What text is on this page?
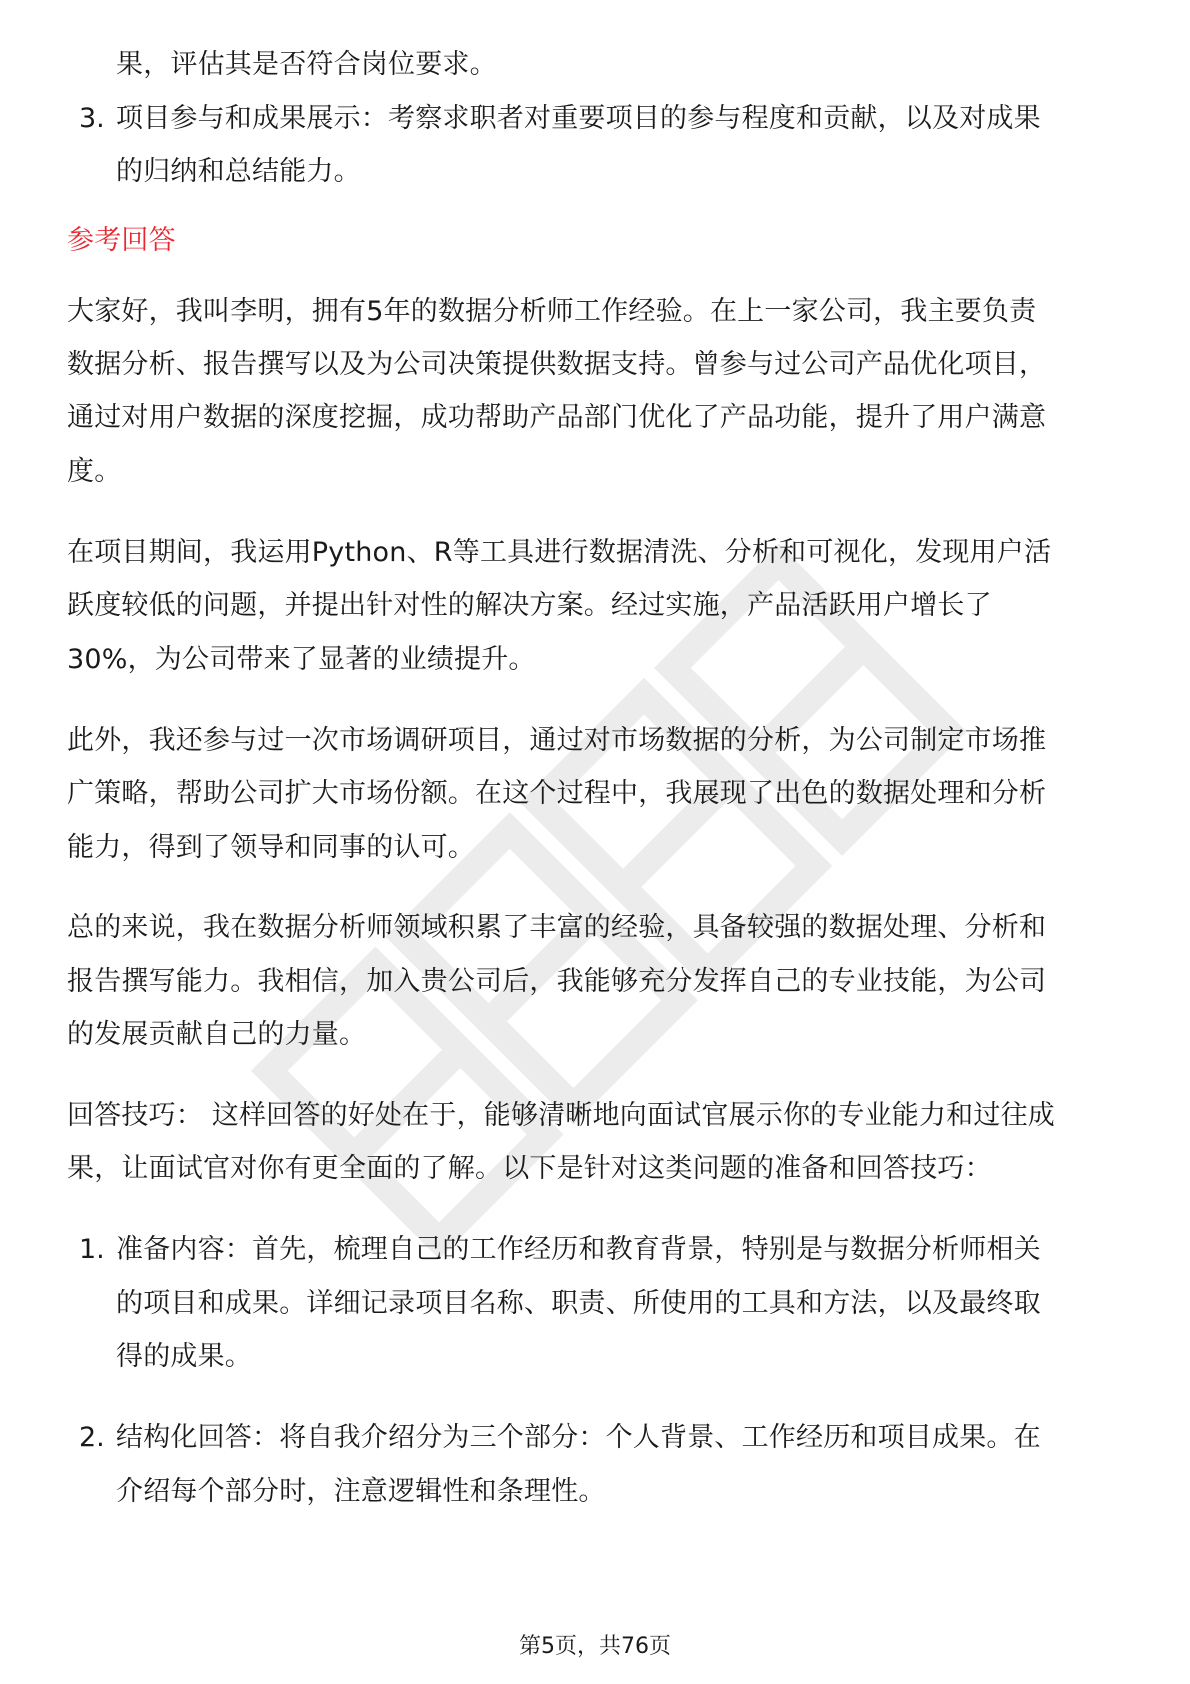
果，评估其是否符合岗位要求。
3. 项目参与和成果展示：考察求职者对重要项目的参与程度和贡献，以及对成果
的归纳和总结能力。
参考回答
大家好，我叫李明，拥有5年的数据分析师工作经验。在上一家公司，我主要负责
数据分析、报告撰写以及为公司决策提供数据支持。曾参与过公司产品优化项目，
通过对用户数据的深度挖掘，成功帮助产品部门优化了产品功能，提升了用户满意
度。
在项目期间，我运用Python、R等工具进行数据清洗、分析和可视化，发现用户活
跃度较低的问题，并提出针对性的解决方案。经过实施，产品活跃用户增长了
30%，为公司带来了显著的业绩提升。
此外，我还参与过一次市场调研项目，通过对市场数据的分析，为公司制定市场推
广策略，帮助公司扩大市场份额。在这个过程中，我展现了出色的数据处理和分析
能力，得到了领导和同事的认可。
总的来说，我在数据分析师领域积累了丰富的经验，具备较强的数据处理、分析和
报告撰写能力。我相信，加入贵公司后，我能够充分发挥自己的专业技能，为公司
的发展贡献自己的力量。
回答技巧： 这样回答的好处在于，能够清晰地向面试官展示你的专业能力和过往成
果，让面试官对你有更全面的了解。以下是针对这类问题的准备和回答技巧：
1. 准备内容：首先，梳理自己的工作经历和教育背景，特别是与数据分析师相关
的项目和成果。详细记录项目名称、职责、所使用的工具和方法，以及最终取
得的成果。
2. 结构化回答：将自我介绍分为三个部分：个人背景、工作经历和项目成果。在
介绍每个部分时，注意逻辑性和条理性。
第5页，共76页
